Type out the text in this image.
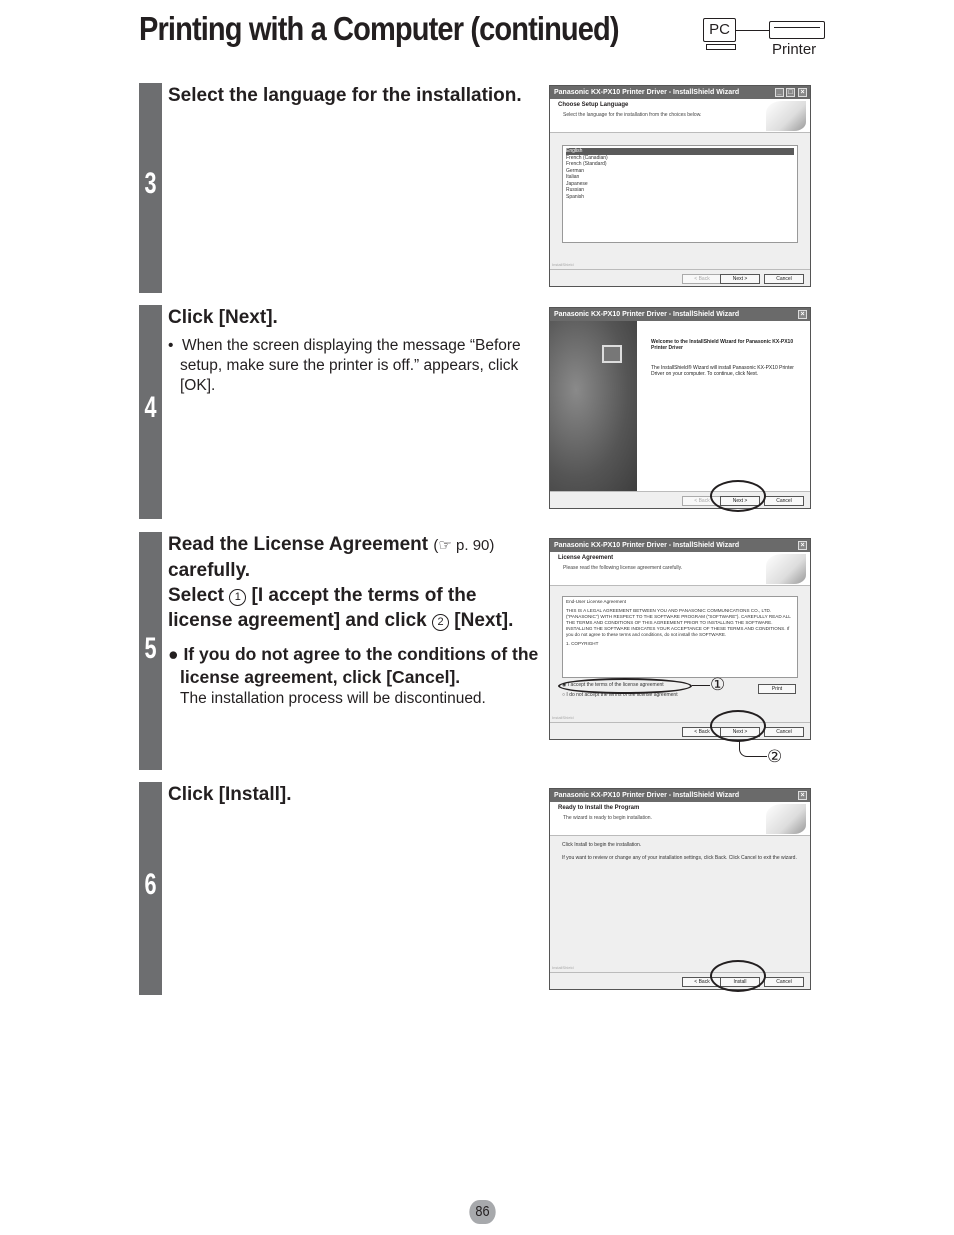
Printing with a Computer (continued)	PC
Printer
3
Select the language for the installation.	Panasonic KX-PX10 Printer Driver - InstallShield Wizard	_ □	×
Choose Setup Language
Select the language for the installation from the choices below.
English
French (Canadian)
French (Standard)
German
Italian
Japanese
Russian
Spanish
InstallShield
< Back	Next >	Cancel
4
Click [Next].
•  When the screen displaying the message “Before setup, make sure the printer is off.” appears, click [OK].
Panasonic KX-PX10 Printer Driver - InstallShield Wizard	×
Welcome to the InstallShield Wizard for Panasonic KX-PX10 Printer Driver
The InstallShield® Wizard will install Panasonic KX-PX10 Printer Driver on your computer. To continue, click Next.
< Back	Next >	Cancel
5
Read the License Agreement (☞ p. 90)
carefully.
Select 1 [I accept the terms of the license agreement] and click 2 [Next].
● If you do not agree to the conditions of the license agreement, click [Cancel].
The installation process will be discontinued.
Panasonic KX-PX10 Printer Driver - InstallShield Wizard	×
License Agreement
Please read the following license agreement carefully.
End-User License Agreement
THIS IS A LEGAL AGREEMENT BETWEEN YOU AND PANASONIC COMMUNICATIONS CO., LTD.("PANASONIC") WITH RESPECT TO THE SOFTWARE PROGRAM ("SOFTWARE"). CAREFULLY READ ALL THE TERMS AND CONDITIONS OF THIS AGREEMENT PRIOR TO INSTALLING THE SOFTWARE. INSTALLING THE SOFTWARE INDICATES YOUR ACCEPTANCE OF THESE TERMS AND CONDITIONS. If you do not agree to these terms and conditions, do not install the SOFTWARE.
1. COPYRIGHT
◉ I accept the terms of the license agreement
○ I do not accept the terms of the license agreement
Print
InstallShield
< Back	Next >	Cancel
①
②
6
Click [Install].	Panasonic KX-PX10 Printer Driver - InstallShield Wizard	×
Ready to Install the Program
The wizard is ready to begin installation.
Click Install to begin the installation.
If you want to review or change any of your installation settings, click Back. Click Cancel to exit the wizard.
InstallShield
< Back	Install	Cancel
86
